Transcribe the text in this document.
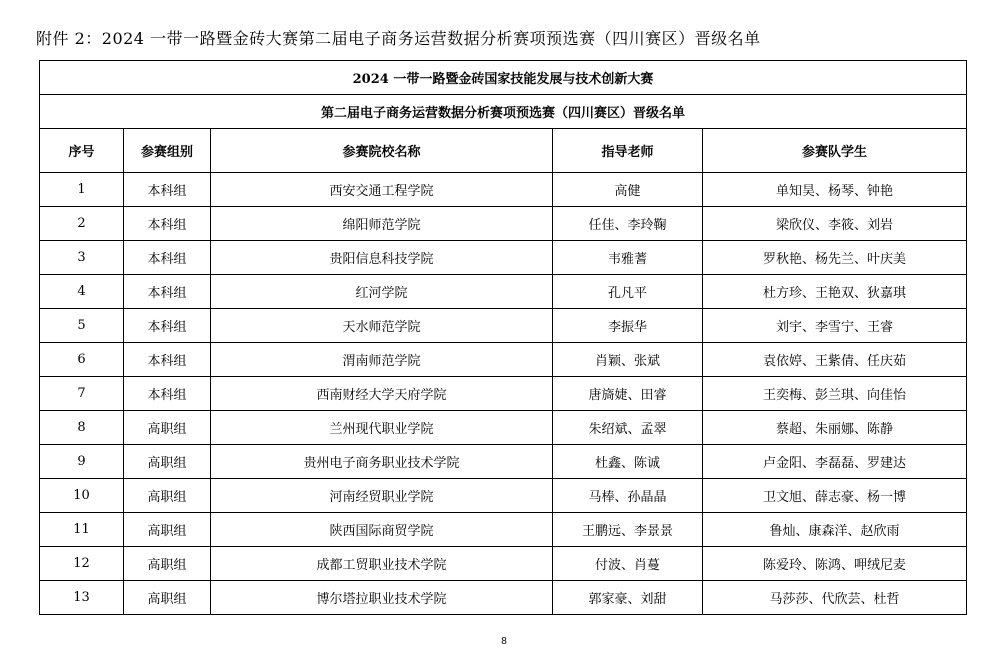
附件 2：2024 一带一路暨金砖大赛第二届电子商务运营数据分析赛项预选赛（四川赛区）晋级名单
2024 一带一路暨金砖国家技能发展与技术创新大赛				
第二届电子商务运营数据分析赛项预选赛（四川赛区）晋级名单				
序号	参赛组别	参赛院校名称	指导老师	参赛队学生
1	本科组	西安交通工程学院	高健	单知昊、杨琴、钟艳
2	本科组	绵阳师范学院	任佳、李玲鞠	梁欣仪、李筱、刘岩
3	本科组	贵阳信息科技学院	韦雅蓍	罗秋艳、杨先兰、叶庆美
4	本科组	红河学院	孔凡平	杜方珍、王艳双、狄嘉琪
5	本科组	天水师范学院	李振华	刘宇、李雪宁、王睿
6	本科组	渭南师范学院	肖颖、张斌	袁依婷、王紫倩、任庆茹
7	本科组	西南财经大学天府学院	唐旖婕、田睿	王奕梅、彭兰琪、向佳怡
8	高职组	兰州现代职业学院	朱绍斌、孟翠	蔡超、朱丽娜、陈静
9	高职组	贵州电子商务职业技术学院	杜鑫、陈诚	卢金阳、李磊磊、罗建达
10	高职组	河南经贸职业学院	马棒、孙晶晶	卫文旭、薛志豪、杨一博
11	高职组	陕西国际商贸学院	王鹏远、李景景	鲁灿、康森洋、赵欣雨
12	高职组	成都工贸职业技术学院	付波、肖蔓	陈爱玲、陈鸿、呷绒尼麦
13	高职组	博尔塔拉职业技术学院	郭家豪、刘甜	马莎莎、代欣芸、杜哲
8
